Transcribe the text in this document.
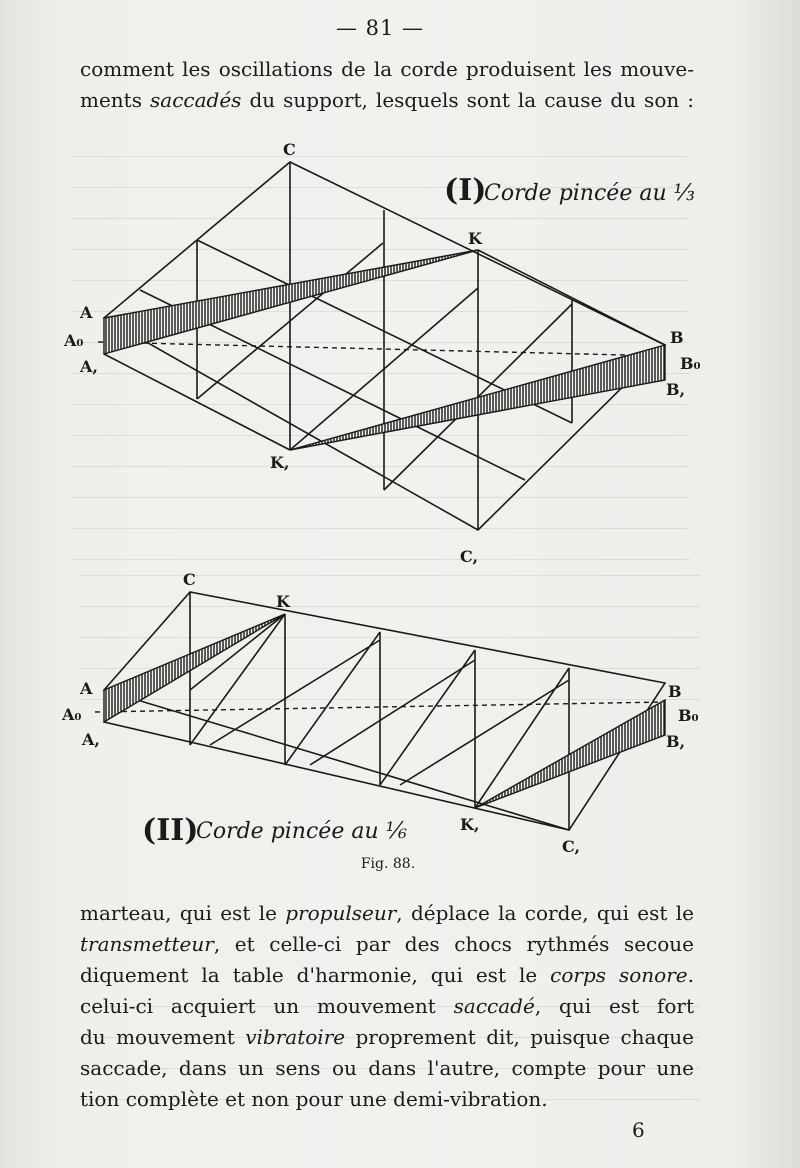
— 81 —
comment les oscillations de la corde produisent les mouve-
ments saccadés du support, lesquels sont la cause du son :
C
K
A
A₀
A,
B
B₀
B,
K,
C,
(I)
Corde pincée au ⅓
C
K
A
A₀
A,
B
B₀
B,
K,
C,
(II)
Corde pincée au ⅙
Fig. 88.
marteau, qui est le propulseur, déplace la corde, qui est le
transmetteur, et celle-ci par des chocs rythmés secoue
diquement la table d'harmonie, qui est le corps sonore.
celui-ci acquiert un mouvement saccadé, qui est fort
du mouvement vibratoire proprement dit, puisque chaque
saccade, dans un sens ou dans l'autre, compte pour une
tion complète et non pour une demi-vibration.
6
